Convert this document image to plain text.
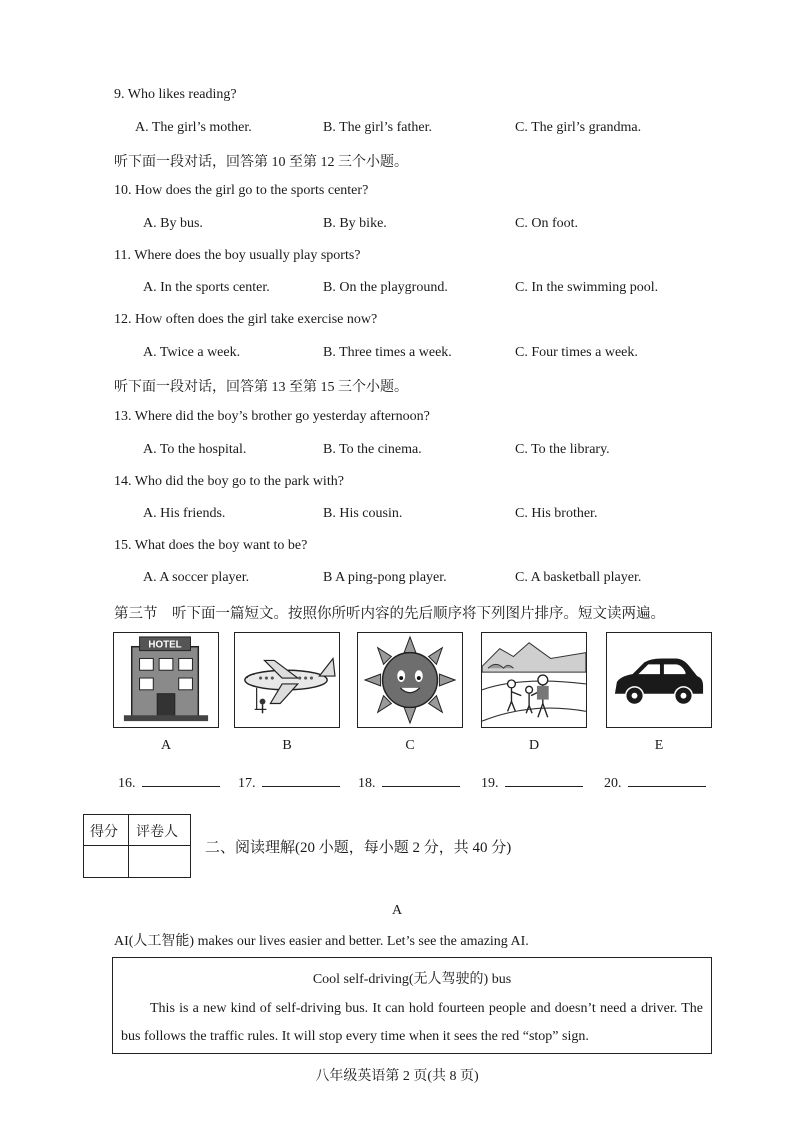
9. Who likes reading?
A. The girl’s mother.	B. The girl’s father.	C. The girl’s grandma.
听下面一段对话，回答第 10 至第 12 三个小题。
10. How does the girl go to the sports center?
A. By bus.	B. By bike.	C. On foot.
11. Where does the boy usually play sports?
A. In the sports center.	B. On the playground.	C. In the swimming pool.
12. How often does the girl take exercise now?
A. Twice a week.	B. Three times a week.	C. Four times a week.
听下面一段对话，回答第 13 至第 15 三个小题。
13. Where did the boy’s brother go yesterday afternoon?
A. To the hospital.	B. To the cinema.	C. To the library.
14. Who did the boy go to the park with?
A. His friends.	B. His cousin.	C. His brother.
15. What does the boy want to be?
A. A soccer player.	B A ping-pong player.	C. A basketball player.
第三节　听下面一篇短文。按照你所听内容的先后顺序将下列图片排序。短文读两遍。
HOTEL
A	B	C	D	E
16.	17.	18.	19.	20.
得分 评卷人
二、阅读理解(20 小题，每小题 2 分，共 40 分)
A
AI(人工智能) makes our lives easier and better. Let’s see the amazing AI.
Cool self-driving(无人驾驶的) bus

This is a new kind of self-driving bus. It can hold fourteen people and doesn’t need a driver. The bus follows the traffic rules. It will stop every time when it sees the red “stop” sign.

八年级英语第 2 页(共 8 页)
